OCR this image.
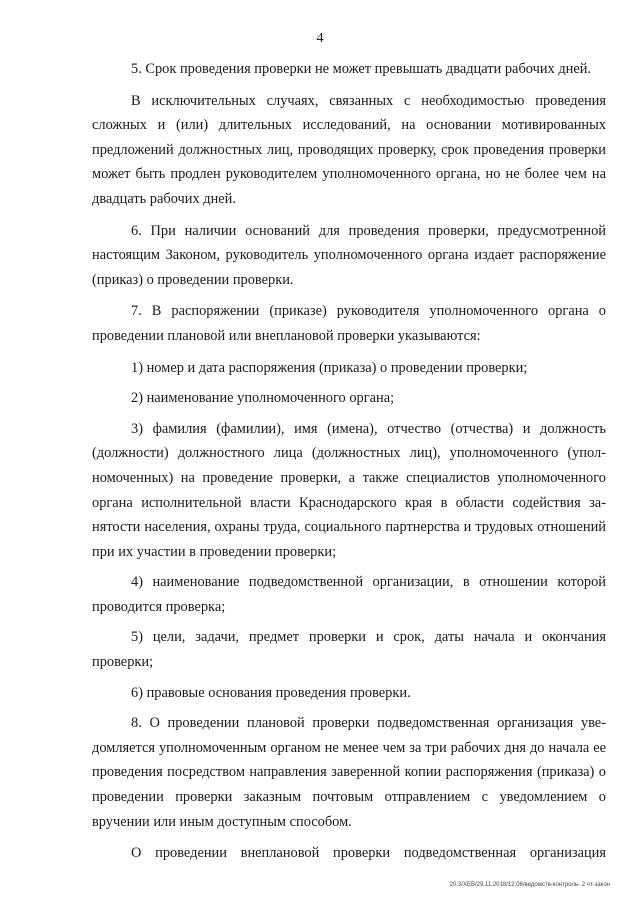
4

5. Срок проведения проверки не может превышать двадцати рабочих дней.

В исключительных случаях, связанных с необходимостью проведения сложных и (или) длительных исследований, на основании мотивированных предложений должностных лиц, проводящих проверку, срок проведения проверки может быть продлен руководителем уполномоченного органа, но не более чем на двадцать рабочих дней.

6. При наличии оснований для проведения проверки, предусмотренной настоящим Законом, руководитель уполномоченного органа издает распоряжение (приказ) о проведении проверки.

7. В распоряжении (приказе) руководителя уполномоченного органа о проведении плановой или внеплановой проверки указываются:

1) номер и дата распоряжения (приказа) о проведении проверки;

2) наименование уполномоченного органа;

3) фамилия (фамилии), имя (имена), отчество (отчества) и должность (должности) должностного лица (должностных лиц), уполномоченного (уполномоченных) на проведение проверки, а также специалистов уполномоченного органа исполнительной власти Краснодарского края в области содействия занятости населения, охраны труда, социального партнерства и трудовых отношений при их участии в проведении проверки;

4) наименование подведомственной организации, в отношении которой проводится проверка;

5) цели, задачи, предмет проверки и срок, даты начала и окончания проверки;

6) правовые основания проведения проверки.

8. О проведении плановой проверки подведомственная организация уведомляется уполномоченным органом не менее чем за три рабочих дня до начала ее проведения посредством направления заверенной копии распоряжения (приказа) о проведении проверки заказным почтовым отправлением с уведомлением о вручении или иным доступным способом.

О проведении внеплановой проверки подведомственная организация

20.3/ХЕВ/29.11.2018/12:06/ведомств-контроль- 2 чт-закон
